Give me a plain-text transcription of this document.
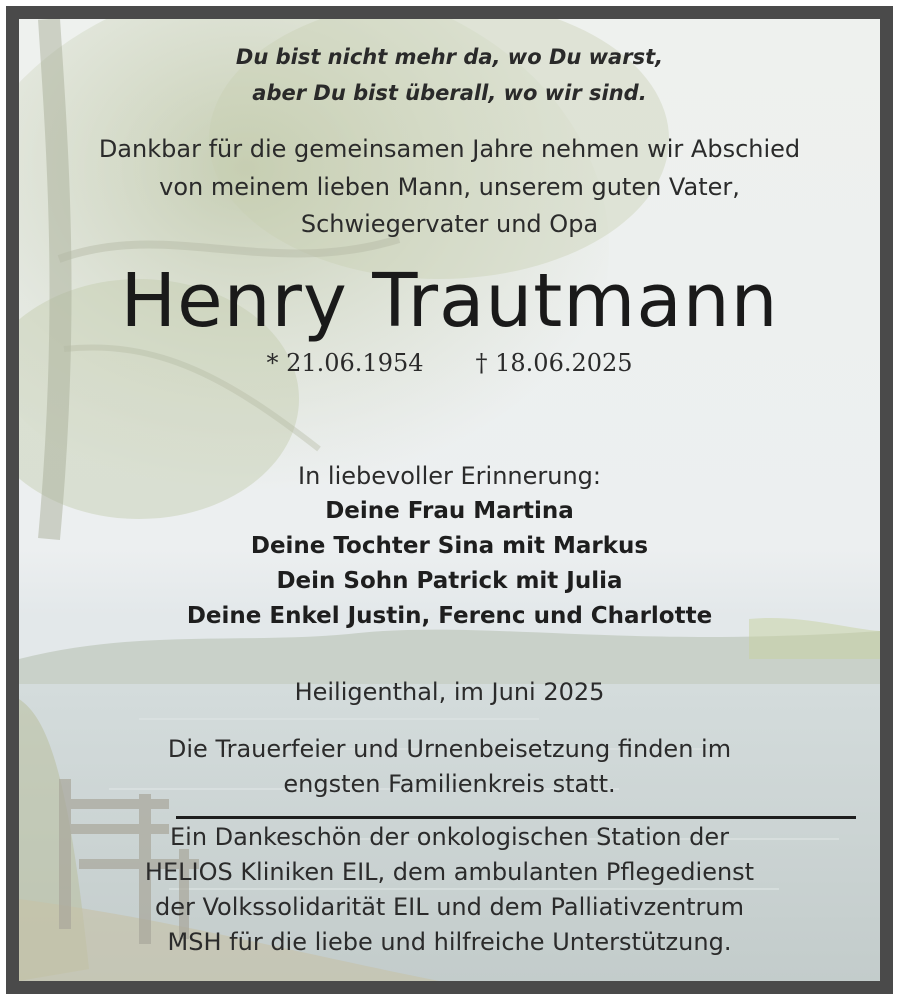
Du bist nicht mehr da, wo Du warst,

aber Du bist überall, wo wir sind.

Dankbar für die gemeinsamen Jahre nehmen wir Abschied

von meinem lieben Mann, unserem guten Vater,

Schwiegervater und Opa

Henry Trautmann

* 21.06.1954 † 18.06.2025

In liebevoller Erinnerung:

Deine Frau Martina

Deine Tochter Sina mit Markus

Dein Sohn Patrick mit Julia

Deine Enkel Justin, Ferenc und Charlotte

Heiligenthal, im Juni 2025

Die Trauerfeier und Urnenbeisetzung finden im

engsten Familienkreis statt.

Ein Dankeschön der onkologischen Station der

HELIOS Kliniken EIL, dem ambulanten Pflegedienst

der Volkssolidarität EIL und dem Palliativzentrum

MSH für die liebe und hilfreiche Unterstützung.
